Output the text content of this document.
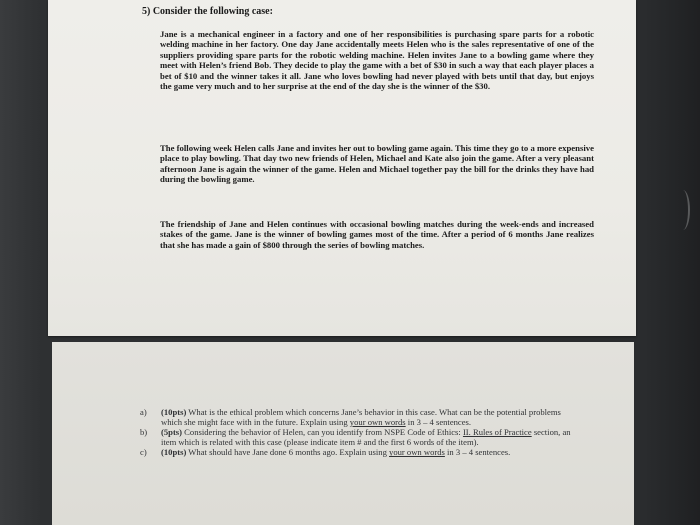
5) Consider the following case:
Jane is a mechanical engineer in a factory and one of her responsibilities is purchasing spare parts for a robotic welding machine in her factory. One day Jane accidentally meets Helen who is the sales representative of one of the suppliers providing spare parts for the robotic welding machine. Helen invites Jane to a bowling game where they meet with Helen’s friend Bob. They decide to play the game with a bet of $30 in such a way that each player places a bet of $10 and the winner takes it all. Jane who loves bowling had never played with bets until that day, but enjoys the game very much and to her surprise at the end of the day she is the winner of the $30.
The following week Helen calls Jane and invites her out to bowling game again. This time they go to a more expensive place to play bowling. That day two new friends of Helen, Michael and Kate also join the game. After a very pleasant afternoon Jane is again the winner of the game. Helen and Michael together pay the bill for the drinks they have had during the bowling game.
The friendship of Jane and Helen continues with occasional bowling matches during the week-ends and increased stakes of the game. Jane is the winner of bowling games most of the time. After a period of 6 months Jane realizes that she has made a gain of $800 through the series of bowling matches.
a) (10pts) What is the ethical problem which concerns Jane’s behavior in this case. What can be the potential problems which she might face with in the future. Explain using your own words in 3 – 4 sentences.
b) (5pts) Considering the behavior of Helen, can you identify from NSPE Code of Ethics: II. Rules of Practice section, an item which is related with this case (please indicate item # and the first 6 words of the item).
c) (10pts) What should have Jane done 6 months ago. Explain using your own words in 3 – 4 sentences.
